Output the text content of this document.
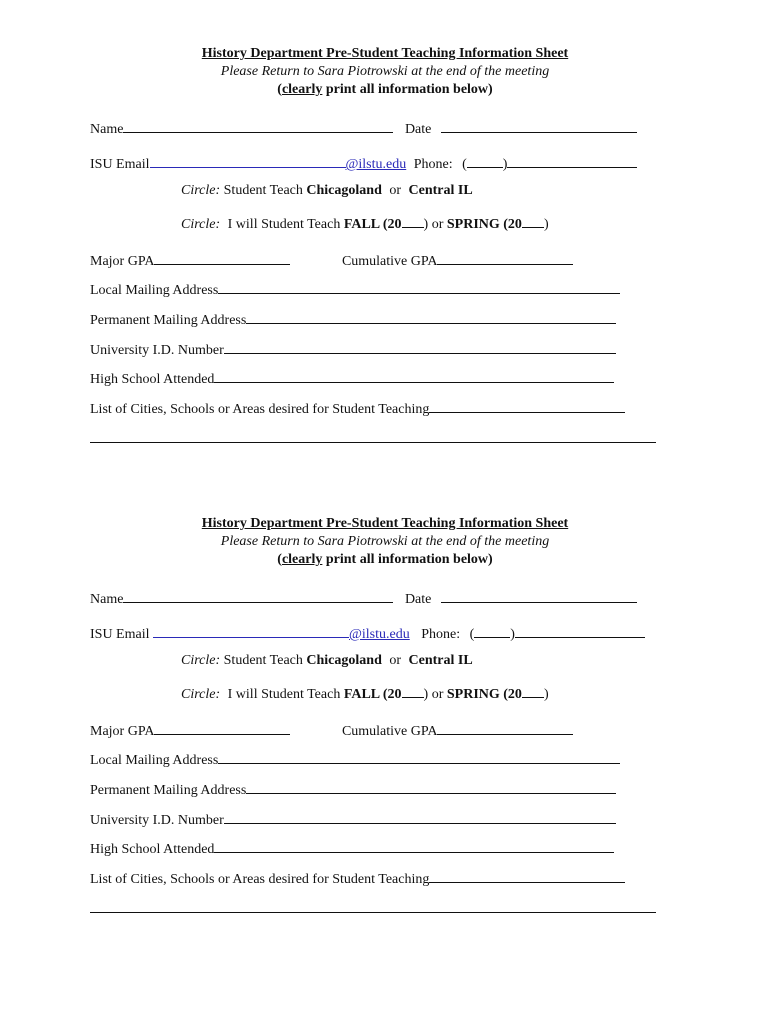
History Department Pre-Student Teaching Information Sheet
Please Return to Sara Piotrowski at the end of the meeting
(clearly print all information below)
Name	Date
ISU Email	@ilstu.edu Phone: (	)
Circle: Student Teach Chicagoland or Central IL
Circle: I will Student Teach FALL (20 ) or SPRING (20 )
Major GPA	Cumulative GPA
Local Mailing Address
Permanent Mailing Address
University I.D. Number
High School Attended
List of Cities, Schools or Areas desired for Student Teaching
History Department Pre-Student Teaching Information Sheet
Please Return to Sara Piotrowski at the end of the meeting
(clearly print all information below)
Name	Date
ISU Email	@ilstu.edu Phone: (	)
Circle: Student Teach Chicagoland or Central IL
Circle: I will Student Teach FALL (20 ) or SPRING (20 )
Major GPA	Cumulative GPA
Local Mailing Address
Permanent Mailing Address
University I.D. Number
High School Attended
List of Cities, Schools or Areas desired for Student Teaching
